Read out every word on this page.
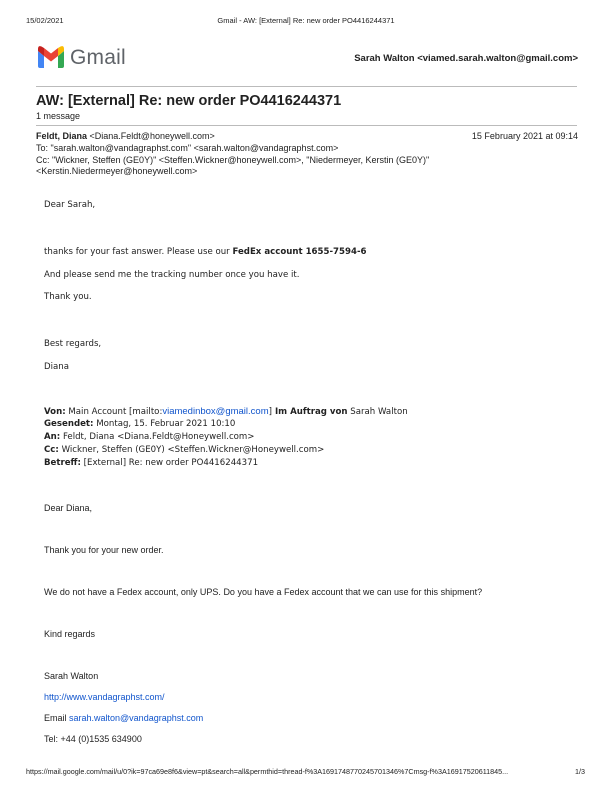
15/02/2021	Gmail - AW: [External] Re: new order PO4416244371
Gmail	Sarah Walton <viamed.sarah.walton@gmail.com>
AW: [External] Re: new order PO4416244371
1 message
Feldt, Diana <Diana.Feldt@honeywell.com>	15 February 2021 at 09:14
To: "sarah.walton@vandagraphst.com" <sarah.walton@vandagraphst.com>
Cc: "Wickner, Steffen (GE0Y)" <Steffen.Wickner@honeywell.com>, "Niedermeyer, Kerstin (GE0Y)"
<Kerstin.Niedermeyer@honeywell.com>
Dear Sarah,
thanks for your fast answer. Please use our FedEx account 1655-7594-6
And please send me the tracking number once you have it.
Thank you.
Best regards,
Diana
Von: Main Account [mailto:viamedinbox@gmail.com] Im Auftrag von Sarah Walton
Gesendet: Montag, 15. Februar 2021 10:10
An: Feldt, Diana <Diana.Feldt@Honeywell.com>
Cc: Wickner, Steffen (GE0Y) <Steffen.Wickner@Honeywell.com>
Betreff: [External] Re: new order PO4416244371
Dear Diana,
Thank you for your new order.
We do not have a Fedex account, only UPS. Do you have a Fedex account that we can use for this shipment?
Kind regards
Sarah Walton
http://www.vandagraphst.com/
Email sarah.walton@vandagraphst.com
Tel: +44 (0)1535 634900
https://mail.google.com/mail/u/0?ik=97ca69e8f6&view=pt&search=all&permthid=thread-f%3A1691748770245701346%7Cmsg-f%3A16917520611845...	1/3
